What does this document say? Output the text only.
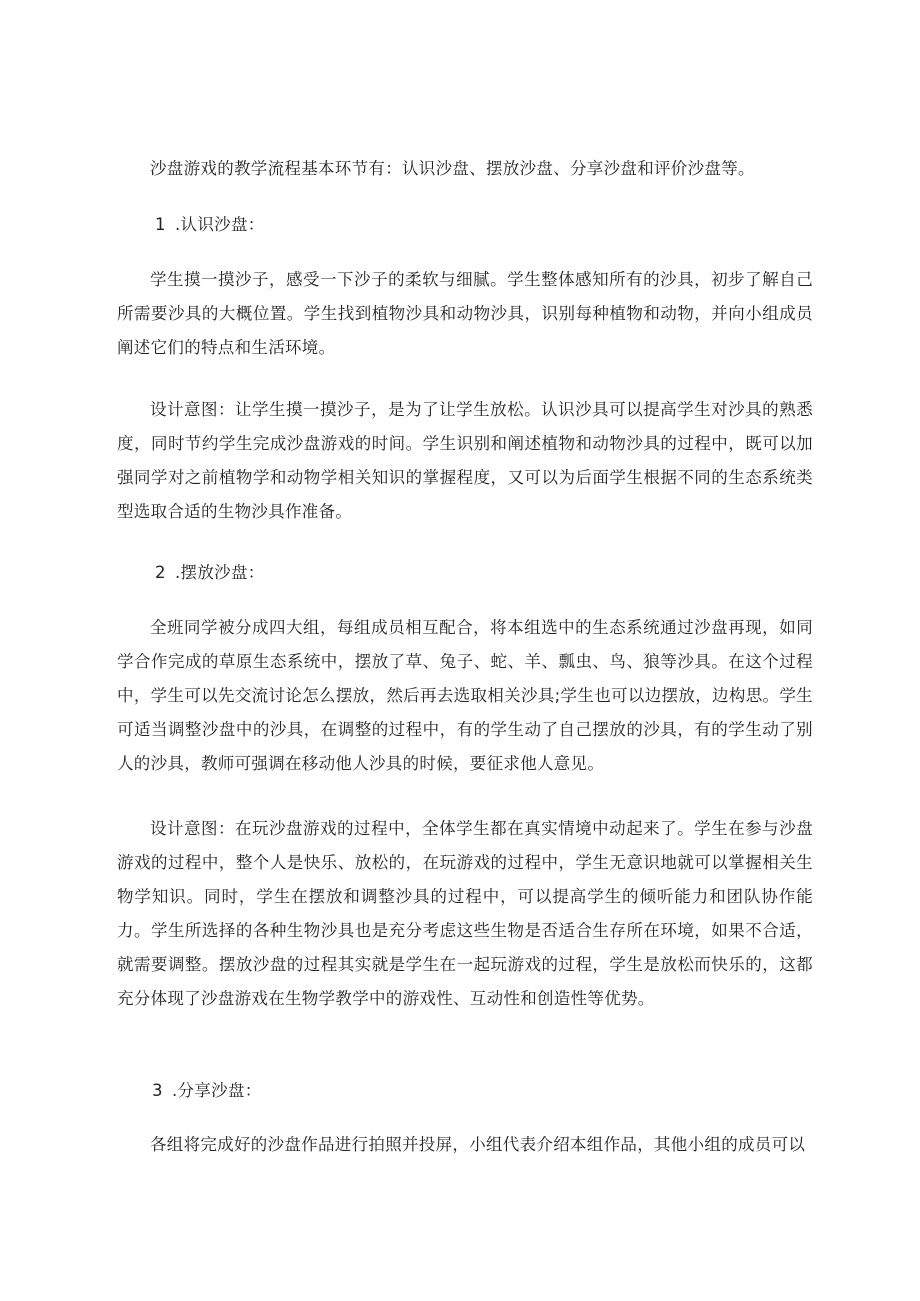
沙盘游戏的教学流程基本环节有：认识沙盘、摆放沙盘、分享沙盘和评价沙盘等。

1 .认识沙盘：

学生摸一摸沙子，感受一下沙子的柔软与细腻。学生整体感知所有的沙具，初步了解自己所需要沙具的大概位置。学生找到植物沙具和动物沙具，识别每种植物和动物，并向小组成员阐述它们的特点和生活环境。

设计意图：让学生摸一摸沙子，是为了让学生放松。认识沙具可以提高学生对沙具的熟悉度，同时节约学生完成沙盘游戏的时间。学生识别和阐述植物和动物沙具的过程中，既可以加强同学对之前植物学和动物学相关知识的掌握程度，又可以为后面学生根据不同的生态系统类型选取合适的生物沙具作准备。

2 .摆放沙盘：

全班同学被分成四大组，每组成员相互配合，将本组选中的生态系统通过沙盘再现，如同学合作完成的草原生态系统中，摆放了草、兔子、蛇、羊、瓢虫、鸟、狼等沙具。在这个过程中，学生可以先交流讨论怎么摆放，然后再去选取相关沙具;学生也可以边摆放，边构思。学生可适当调整沙盘中的沙具，在调整的过程中，有的学生动了自己摆放的沙具，有的学生动了别人的沙具，教师可强调在移动他人沙具的时候，要征求他人意见。

设计意图：在玩沙盘游戏的过程中，全体学生都在真实情境中动起来了。学生在参与沙盘游戏的过程中，整个人是快乐、放松的，在玩游戏的过程中，学生无意识地就可以掌握相关生物学知识。同时，学生在摆放和调整沙具的过程中，可以提高学生的倾听能力和团队协作能力。学生所选择的各种生物沙具也是充分考虑这些生物是否适合生存所在环境，如果不合适，就需要调整。摆放沙盘的过程其实就是学生在一起玩游戏的过程，学生是放松而快乐的，这都充分体现了沙盘游戏在生物学教学中的游戏性、互动性和创造性等优势。

3 .分享沙盘：

各组将完成好的沙盘作品进行拍照并投屏，小组代表介绍本组作品，其他小组的成员可以
